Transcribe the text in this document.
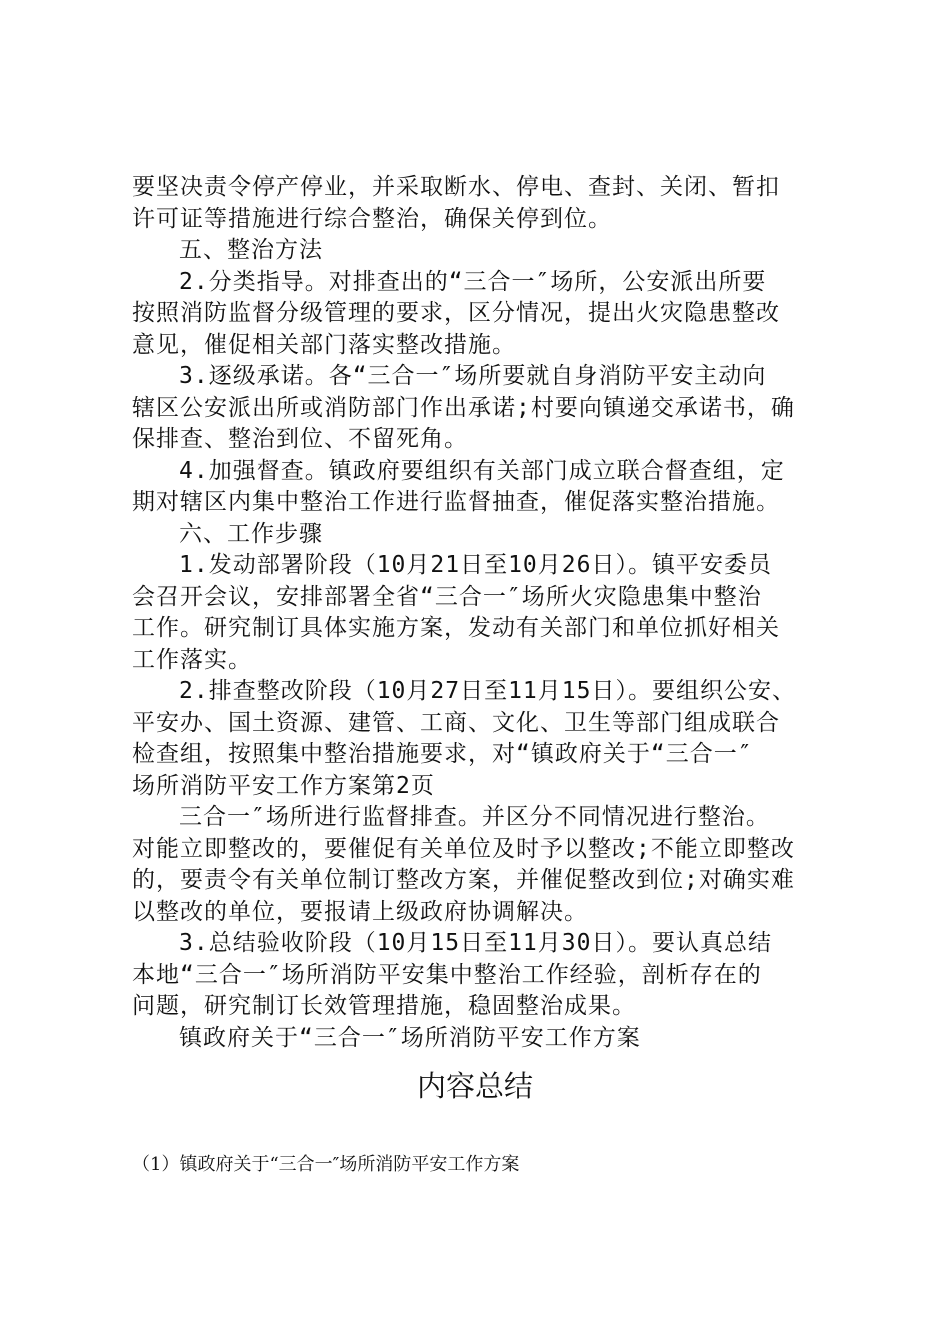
要坚决责令停产停业，并采取断水、停电、查封、关闭、暂扣
许可证等措施进行综合整治，确保关停到位。
五、整治方法
2.分类指导。对排查出的“三合一″场所，公安派出所要
按照消防监督分级管理的要求，区分情况，提出火灾隐患整改
意见，催促相关部门落实整改措施。
3.逐级承诺。各“三合一″场所要就自身消防平安主动向
辖区公安派出所或消防部门作出承诺;村要向镇递交承诺书，确
保排查、整治到位、不留死角。
4.加强督查。镇政府要组织有关部门成立联合督查组，定
期对辖区内集中整治工作进行监督抽查，催促落实整治措施。
六、工作步骤
1.发动部署阶段（10月21日至10月26日）。镇平安委员
会召开会议，安排部署全省“三合一″场所火灾隐患集中整治
工作。研究制订具体实施方案，发动有关部门和单位抓好相关
工作落实。
2.排查整改阶段（10月27日至11月15日）。要组织公安、
平安办、国土资源、建管、工商、文化、卫生等部门组成联合
检查组，按照集中整治措施要求，对“镇政府关于“三合一″
场所消防平安工作方案第2页
三合一″场所进行监督排查。并区分不同情况进行整治。
对能立即整改的，要催促有关单位及时予以整改;不能立即整改
的，要责令有关单位制订整改方案，并催促整改到位;对确实难
以整改的单位，要报请上级政府协调解决。
3.总结验收阶段（10月15日至11月30日）。要认真总结
本地“三合一″场所消防平安集中整治工作经验，剖析存在的
问题，研究制订长效管理措施，稳固整治成果。
镇政府关于“三合一″场所消防平安工作方案
内容总结
（1）镇政府关于“三合一″场所消防平安工作方案
